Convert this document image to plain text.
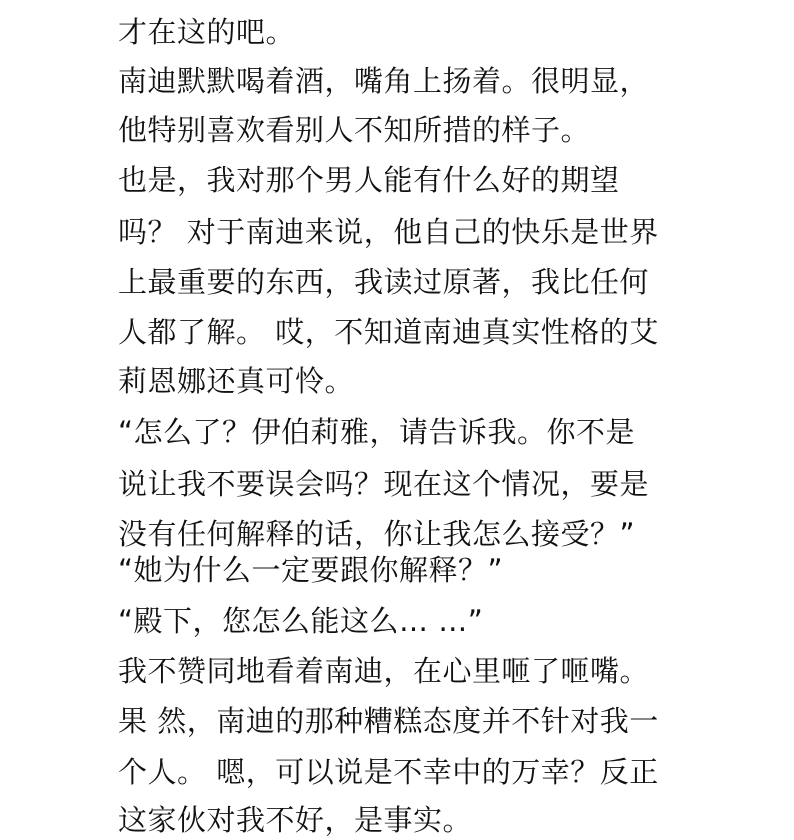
才在这的吧。
南迪默默喝着酒，嘴角上扬着。很明显，
他特别喜欢看别人不知所措的样子。
也是，我对那个男人能有什么好的期望
吗？ 对于南迪来说，他自己的快乐是世界
上最重要的东西，我读过原著，我比任何
人都了解。 哎，不知道南迪真实性格的艾
莉恩娜还真可怜。
“怎么了？伊伯莉雅，请告诉我。你不是
说让我不要误会吗？现在这个情况，要是
没有任何解释的话，你让我怎么接受？”
“她为什么一定要跟你解释？”
“殿下，您怎么能这么… …”
我不赞同地看着南迪，在心里咂了咂嘴。
果 然，南迪的那种糟糕态度并不针对我一
个人。 嗯，可以说是不幸中的万幸？反正
这家伙对我不好，是事实。
